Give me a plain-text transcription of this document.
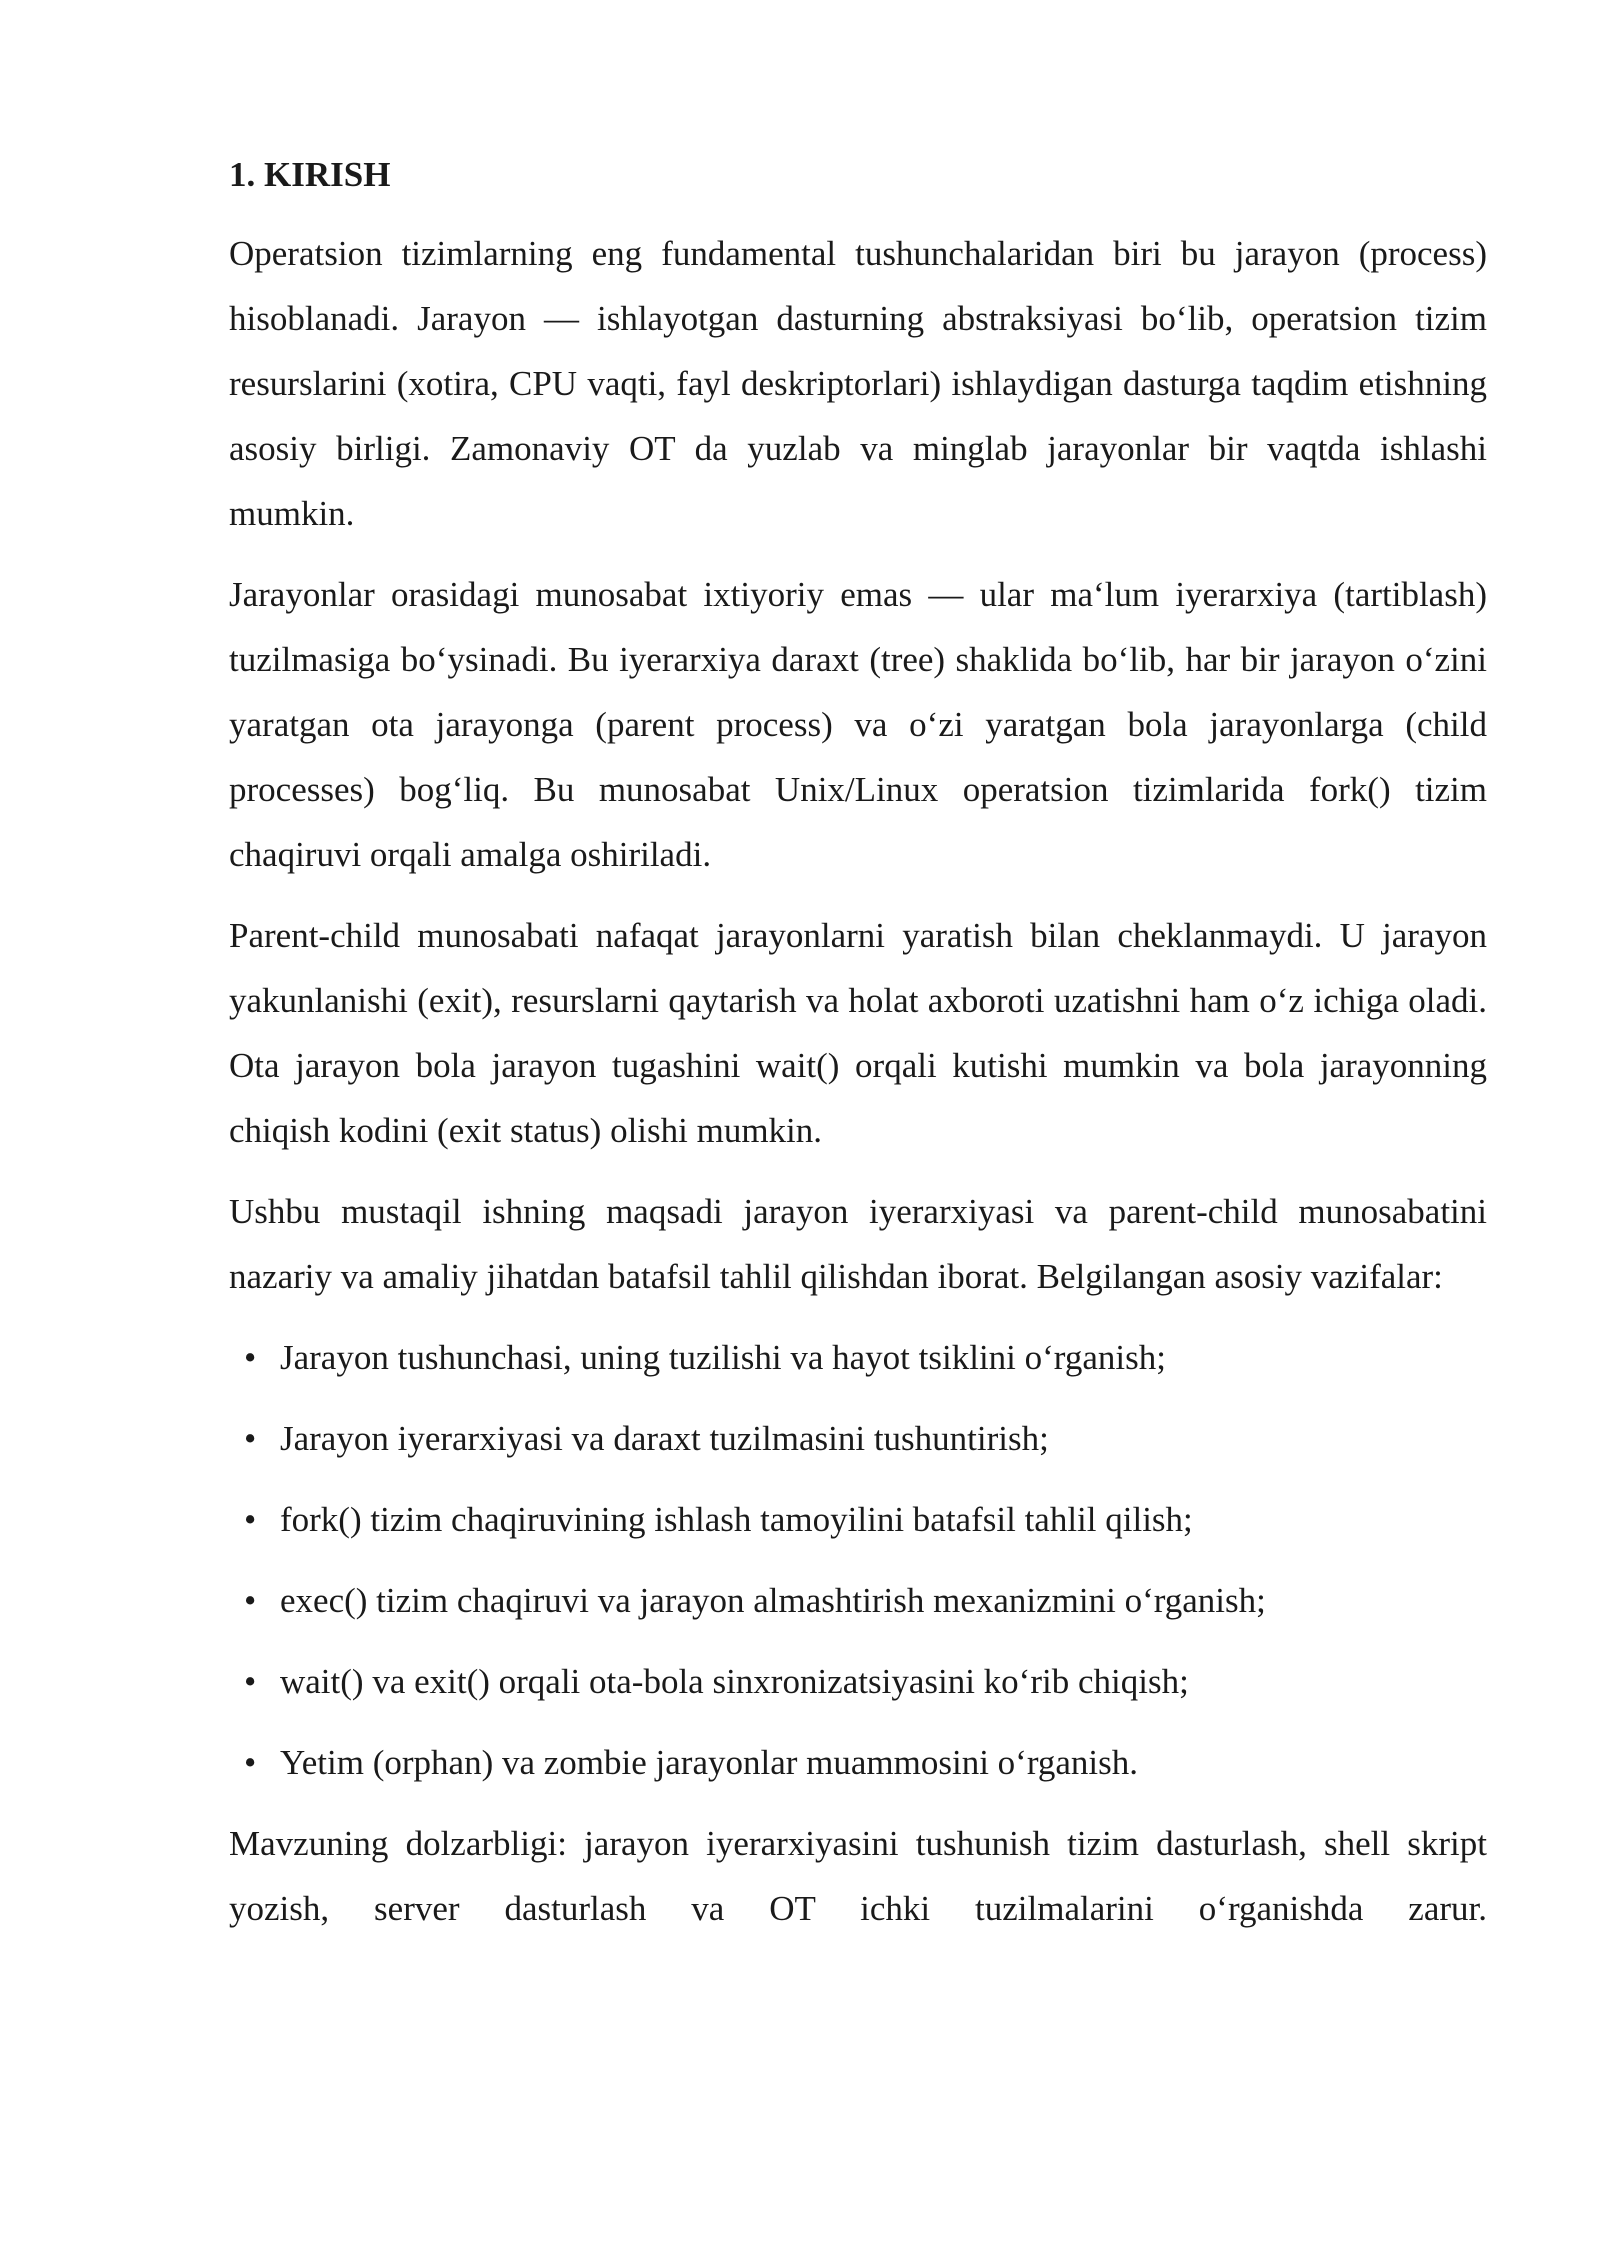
1. KIRISH

Operatsion tizimlarning eng fundamental tushunchalaridan biri bu jarayon (process) hisoblanadi. Jarayon — ishlayotgan dasturning abstraksiyasi bo‘lib, operatsion tizim resurslarini (xotira, CPU vaqti, fayl deskriptorlari) ishlaydigan dasturga taqdim etishning asosiy birligi. Zamonaviy OT da yuzlab va minglab jarayonlar bir vaqtda ishlashi mumkin.

Jarayonlar orasidagi munosabat ixtiyoriy emas — ular ma‘lum iyerarxiya (tartiblash) tuzilmasiga bo‘ysinadi. Bu iyerarxiya daraxt (tree) shaklida bo‘lib, har bir jarayon o‘zini yaratgan ota jarayonga (parent process) va o‘zi yaratgan bola jarayonlarga (child processes) bog‘liq. Bu munosabat Unix/Linux operatsion tizimlarida fork() tizim chaqiruvi orqali amalga oshiriladi.

Parent-child munosabati nafaqat jarayonlarni yaratish bilan cheklanmaydi. U jarayon yakunlanishi (exit), resurslarni qaytarish va holat axboroti uzatishni ham o‘z ichiga oladi. Ota jarayon bola jarayon tugashini wait() orqali kutishi mumkin va bola jarayonning chiqish kodini (exit status) olishi mumkin.

Ushbu mustaqil ishning maqsadi jarayon iyerarxiyasi va parent-child munosabatini nazariy va amaliy jihatdan batafsil tahlil qilishdan iborat. Belgilangan asosiy vazifalar:

• Jarayon tushunchasi, uning tuzilishi va hayot tsiklini o‘rganish;
• Jarayon iyerarxiyasi va daraxt tuzilmasini tushuntirish;
• fork() tizim chaqiruvining ishlash tamoyilini batafsil tahlil qilish;
• exec() tizim chaqiruvi va jarayon almashtirish mexanizmini o‘rganish;
• wait() va exit() orqali ota-bola sinxronizatsiyasini ko‘rib chiqish;
• Yetim (orphan) va zombie jarayonlar muammosini o‘rganish.

Mavzuning dolzarbligi: jarayon iyerarxiyasini tushunish tizim dasturlash, shell skript yozish, server dasturlash va OT ichki tuzilmalarini o‘rganishda zarur.
